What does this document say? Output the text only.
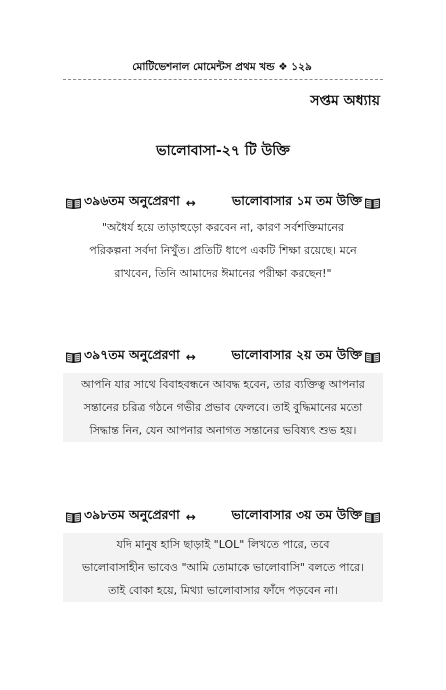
মোটিভেশনাল মোমেন্টস প্রথম খন্ড ❖ ১২৯
সপ্তম অধ্যায়
ভালোবাসা-২৭ টি উক্তি
৩৯৬তম অনুপ্রেরণা ↔	ভালোবাসার ১ম তম উক্তি

"অধৈর্য হয়ে তাড়াহুড়ো করবেন না, কারণ সর্বশক্তিমানের

পরিকল্পনা সর্বদা নিখুঁত। প্রতিটি ধাপে একটি শিক্ষা রয়েছে। মনে

রাখবেন, তিনি আমাদের ঈমানের পরীক্ষা করছেন!"

৩৯৭তম অনুপ্রেরণা ↔	ভালোবাসার ২য় তম উক্তি

আপনি যার সাথে বিবাহবন্ধনে আবদ্ধ হবেন, তার ব্যক্তিত্ব আপনার

সন্তানের চরিত্র গঠনে গভীর প্রভাব ফেলবে। তাই বুদ্ধিমানের মতো

সিদ্ধান্ত নিন, যেন আপনার অনাগত সন্তানের ভবিষ্যৎ শুভ হয়।

৩৯৮তম অনুপ্রেরণা ↔	ভালোবাসার ৩য় তম উক্তি

যদি মানুষ হাসি ছাড়াই "LOL" লিখতে পারে, তবে

ভালোবাসাহীন ভাবেও "আমি তোমাকে ভালোবাসি" বলতে পারে।

তাই বোকা হয়ে, মিথ্যা ভালোবাসার ফাঁদে পড়বেন না।
